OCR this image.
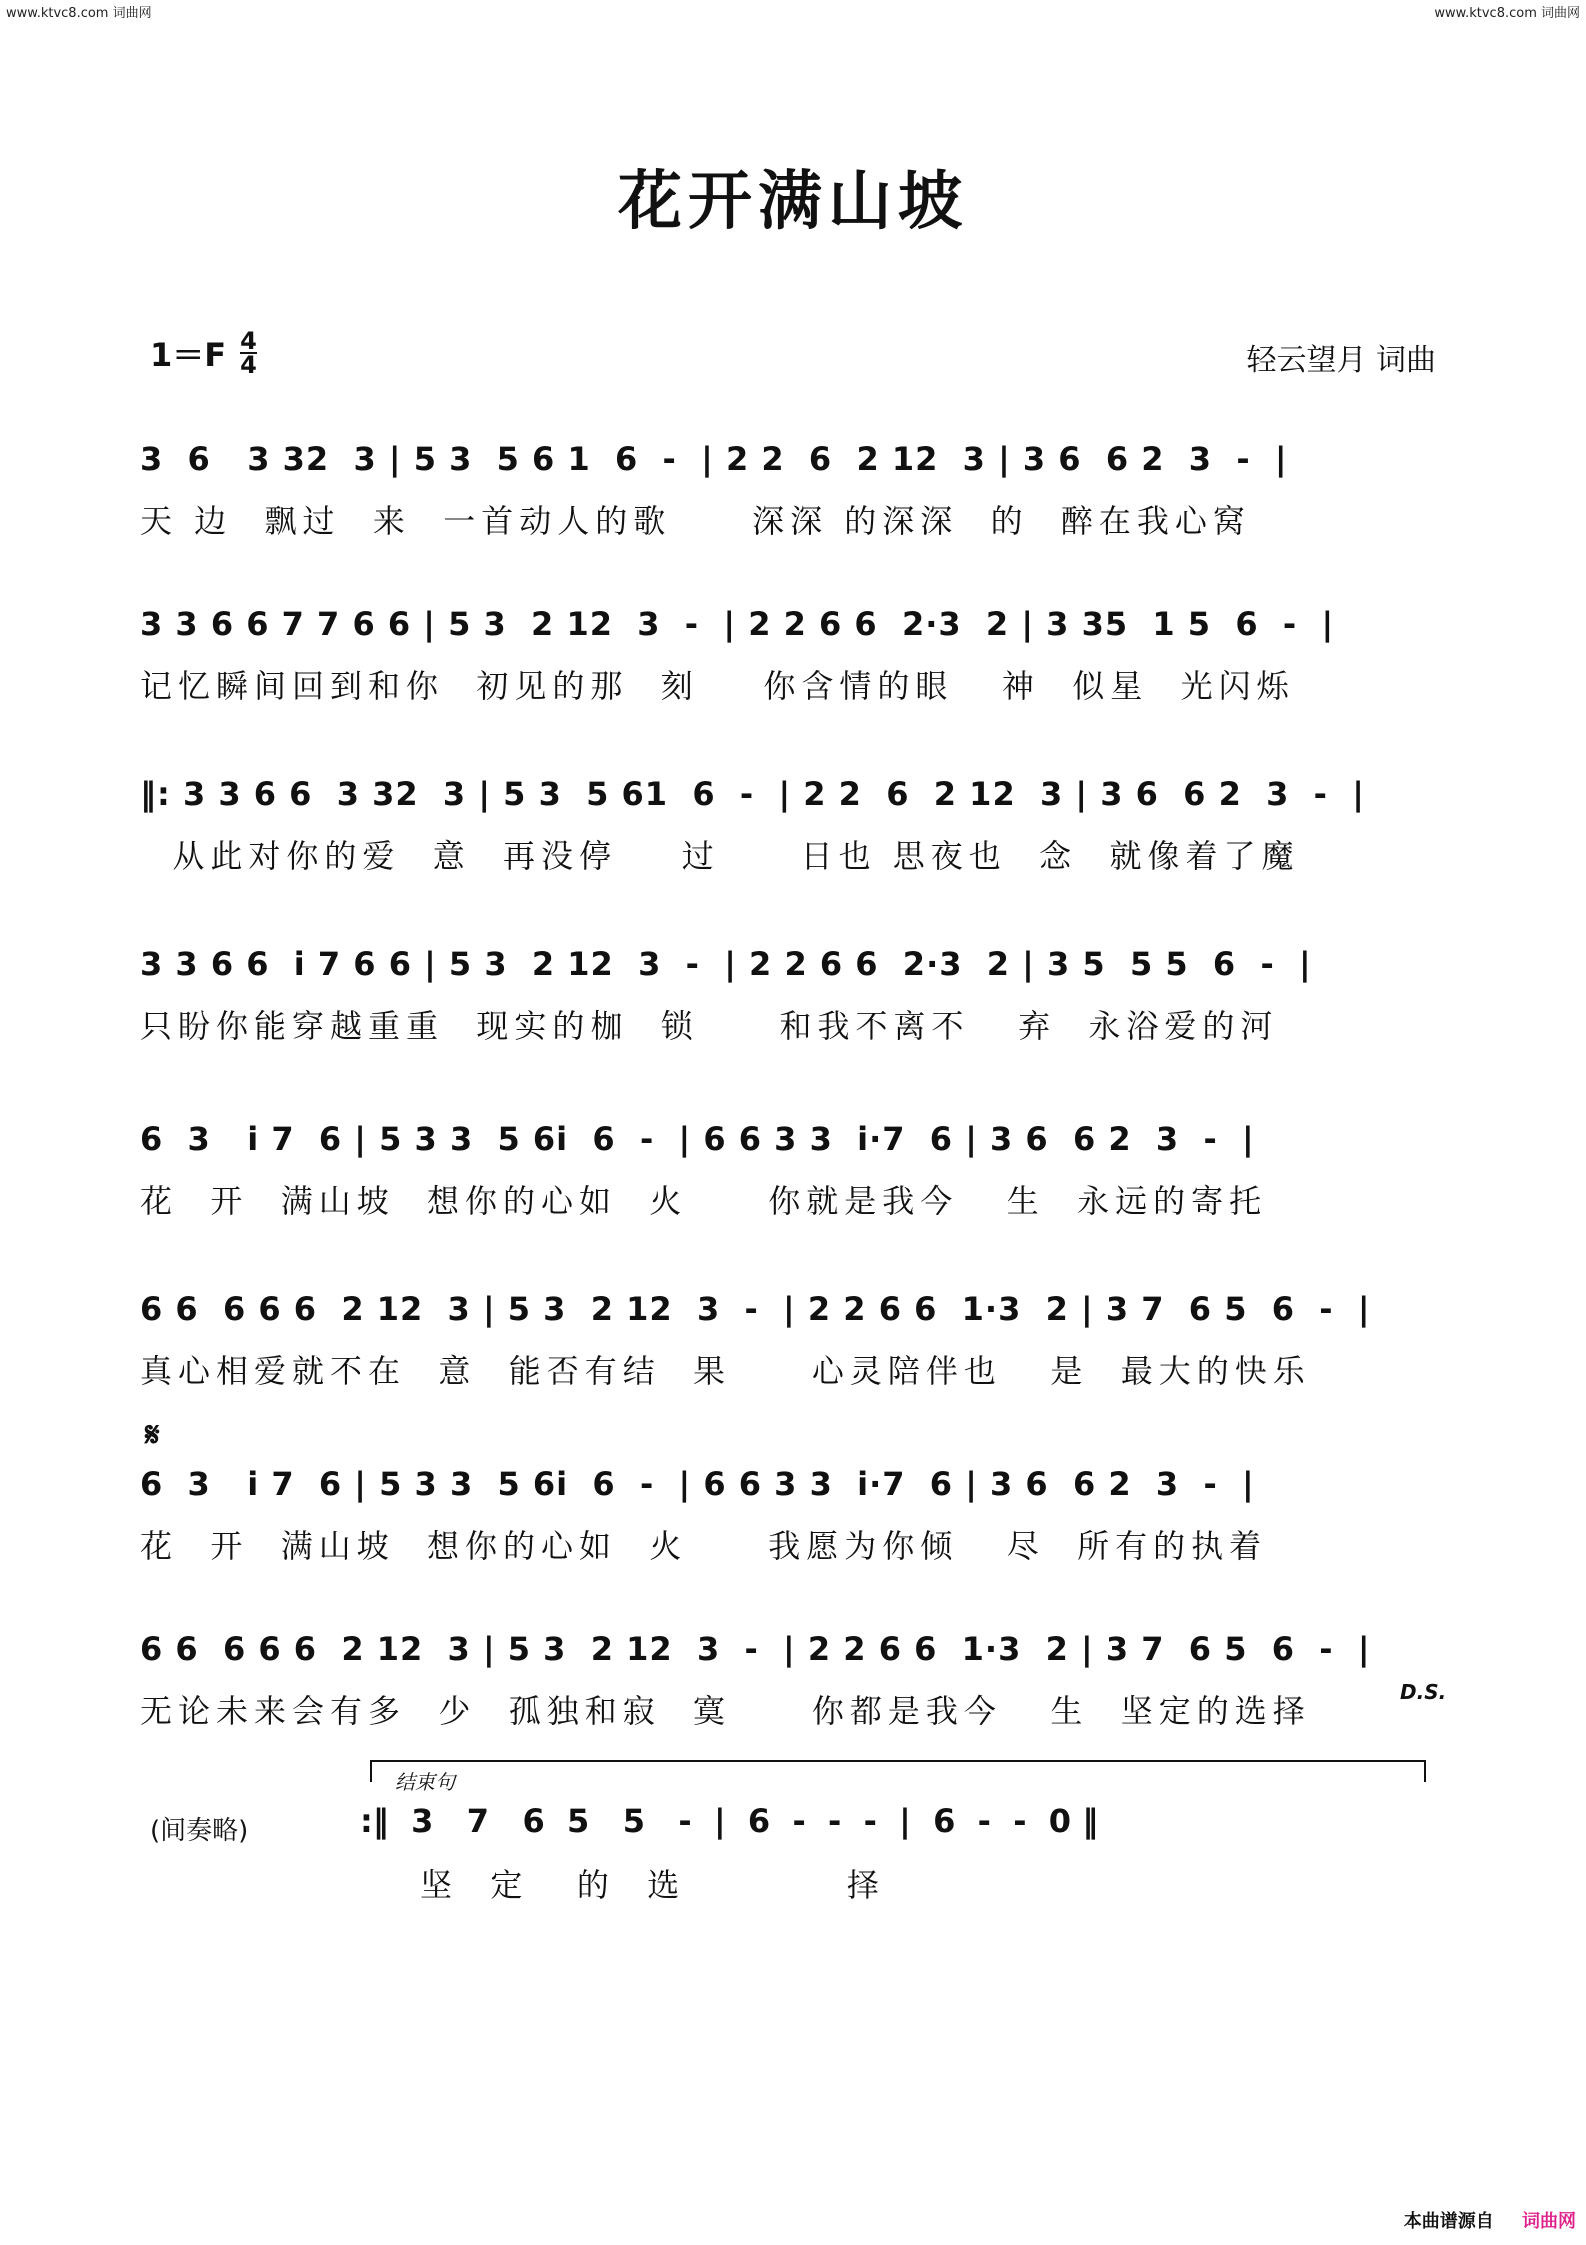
www.ktvc8.com 词曲网	www.ktvc8.com 词曲网
花开满山坡
$1=F \frac{4}{4}$	轻云望月 词曲
3  6   3 32  3 | 5 3  5 6 1  6  -  | 2 2  6  2 12  3 | 3 6  6 2  3  -  |
天 边  飘过  来  一首动人的歌     深深 的深深  的  醉在我心窝
3 3 6 6 7 7 6 6 | 5 3  2 12  3  -  | 2 2 6 6  2·3  2 | 3 35  1 5  6  -  |
记忆瞬间回到和你  初见的那  刻    你含情的眼   神  似星  光闪烁
‖: 3 3 6 6  3 32  3 | 5 3  5 61  6  -  | 2 2  6  2 12  3 | 3 6  6 2  3  -  |
从此对你的爱  意  再没停    过     日也 思夜也  念  就像着了魔
3 3 6 6  i 7 6 6 | 5 3  2 12  3  -  | 2 2 6 6  2·3  2 | 3 5  5 5  6  -  |
只盼你能穿越重重  现实的枷  锁     和我不离不   弃  永浴爱的河
6  3   i 7  6 | 5 3 3  5 6i  6  -  | 6 6 3 3  i·7  6 | 3 6  6 2  3  -  |
花  开  满山坡  想你的心如  火     你就是我今   生  永远的寄托
6 6  6 6 6  2 12  3 | 5 3  2 12  3  -  | 2 2 6 6  1·3  2 | 3 7  6 5  6  -  |
真心相爱就不在  意  能否有结  果     心灵陪伴也   是  最大的快乐
𝄋
6  3   i 7  6 | 5 3 3  5 6i  6  -  | 6 6 3 3  i·7  6 | 3 6  6 2  3  -  |
花  开  满山坡  想你的心如  火     我愿为你倾   尽  所有的执着
6 6  6 6 6  2 12  3 | 5 3  2 12  3  -  | 2 2 6 6  1·3  2 | 3 7  6 5  6  -  |
无论未来会有多  少  孤独和寂  寞     你都是我今   生  坚定的选择	D.S.
结束句
(间奏略)	:‖  3   7   6  5   5   -  |  6  -  -  -  |  6  -  -  0 ‖
坚  定   的  选          择
本曲谱源自 词曲网
